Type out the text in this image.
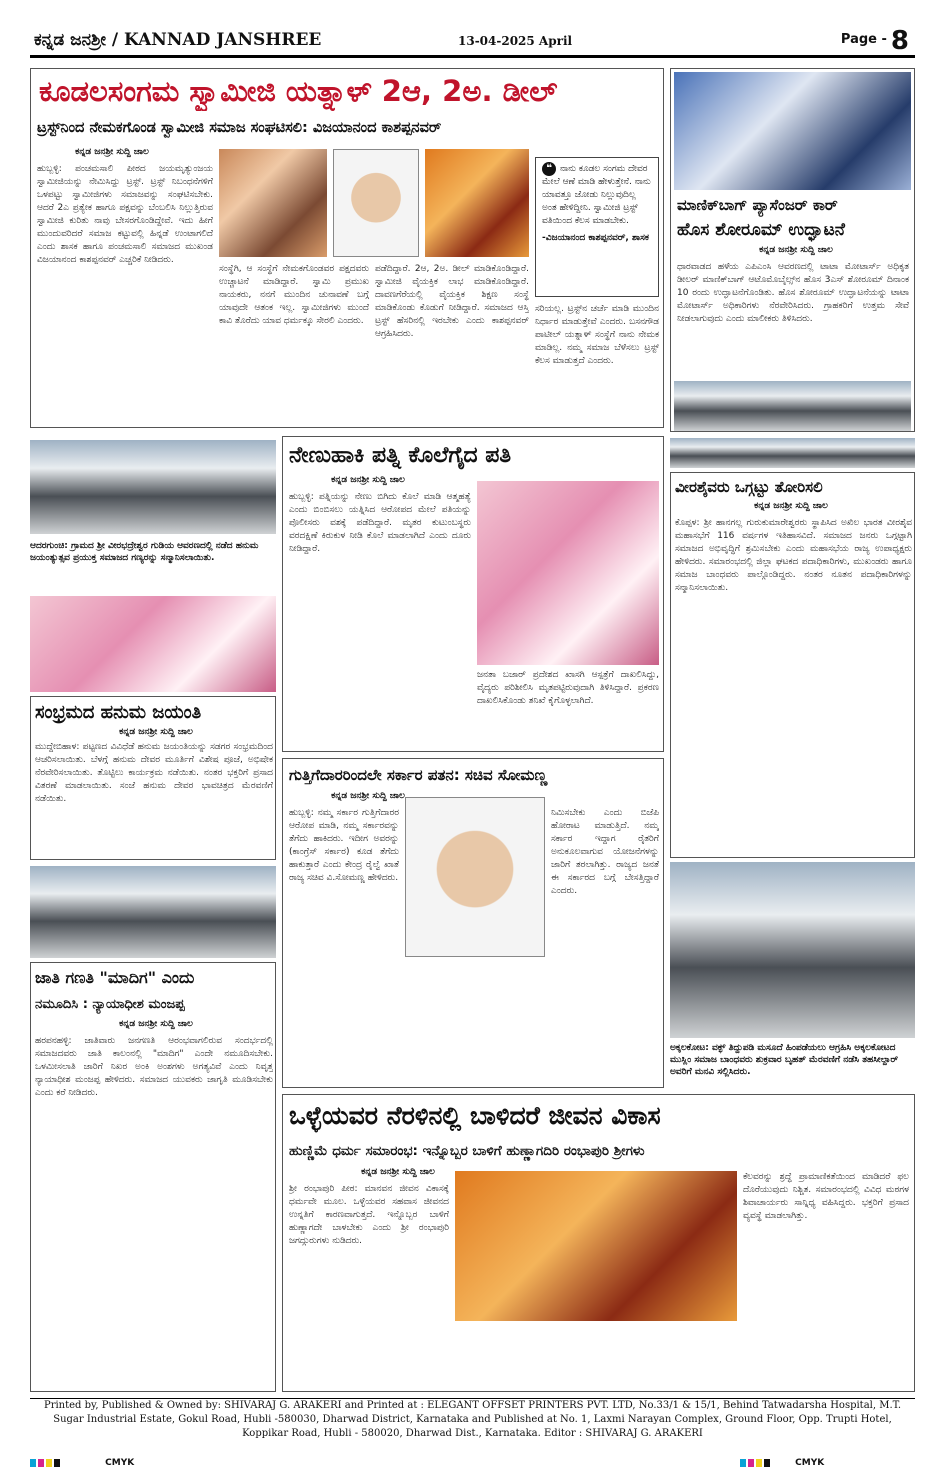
ಕನ್ನಡ ಜನಶ್ರೀ / KANNAD JANSHREE	13-04-2025 April	Page - 8
ಕೂಡಲಸಂಗಮ ಸ್ವಾಮೀಜಿ ಯತ್ನಾಳ್ 2ಆ, 2ಅ. ಡೀಲ್
ಟ್ರಸ್ಟ್‌ನಿಂದ ನೇಮಕಗೊಂಡ ಸ್ವಾಮೀಜಿ ಸಮಾಜ ಸಂಘಟಿಸಲಿ: ವಿಜಯಾನಂದ ಕಾಶಪ್ಪನವರ್
ಕನ್ನಡ ಜನಶ್ರೀ ಸುದ್ದಿ ಜಾಲ
ಹುಬ್ಬಳ್ಳಿ: ಪಂಚಮಸಾಲಿ ಪೀಠದ ಜಯಮೃತ್ಯುಂಜಯ ಸ್ವಾಮೀಜಿಯನ್ನು ನೇಮಿಸಿದ್ದು ಟ್ರಸ್ಟ್. ಟ್ರಸ್ಟ್ ನಿಬಂಧನೆಗಳಿಗೆ ಒಳಪಟ್ಟು ಸ್ವಾಮೀಜಿಗಳು ಸಮಾಜವನ್ನು ಸಂಘಟಿಸಬೇಕು. ಆದರೆ 2ಎ ಪ್ರತ್ಯೇಕ ಹಾಗೂ ಪಕ್ಷವನ್ನು ಬೆಂಬಲಿಸಿ ನಿಲ್ಲುತ್ತಿರುವ ಸ್ವಾಮೀಜಿ ಕುರಿತು ನಾವು ಬೇಸರಗೊಂಡಿದ್ದೇವೆ. ಇದು ಹೀಗೆ ಮುಂದುವರಿದರೆ ಸಮಾಜ ಕಟ್ಟುವಲ್ಲಿ ಹಿನ್ನಡೆ ಉಂಟಾಗಲಿದೆ ಎಂದು ಶಾಸಕ ಹಾಗೂ ಪಂಚಮಸಾಲಿ ಸಮಾಜದ ಮುಖಂಡ ವಿಜಯಾನಂದ ಕಾಶಪ್ಪನವರ್ ಎಚ್ಚರಿಕೆ ನೀಡಿದರು.
❝ ನಾನು ಕೂಡಲ ಸಂಗಮ ದೇವರ ಮೇಲೆ ಆಣೆ ಮಾಡಿ ಹೇಳುತ್ತೇನೆ. ನಾನು ಯಾವತ್ತೂ ಜೋಡು ನಿಲ್ಲುವುದಿಲ್ಲ ಅಂತ ಹೇಳಿದ್ದೀನಿ. ಸ್ವಾಮೀಜಿ ಟ್ರಸ್ಟ್ ವತಿಯಿಂದ ಕೆಲಸ ಮಾಡಬೇಕು.
-ವಿಜಯಾನಂದ ಕಾಶಪ್ಪನವರ್, ಶಾಸಕ
ಸಂಸ್ಥೆಗಿ, ಆ ಸಂಸ್ಥೆಗೆ ನೇಮಕಗೊಂಡವರ ಪಕ್ಷದವರು ಉಚ್ಚಾಟನೆ ಮಾಡಿದ್ದಾರೆ. ಸ್ವಾಮಿ ಪ್ರಮುಖ ನಾಯಕರು, ನನಗೆ ಮುಂದಿನ ಚುನಾವಣೆ ಬಗ್ಗೆ ಯಾವುದೇ ಆತಂಕ ಇಲ್ಲ. ಸ್ವಾಮೀಜಿಗಳು ಮುಂದೆ ಕಾವಿ ತೊರೆದು ಯಾವ ಧರ್ಮಕ್ಕೂ ಸೇರಲಿ ಎಂದರು.
ಪಡೆದಿದ್ದಾರೆ. 2ಆ, 2ಅ. ಡೀಲ್ ಮಾಡಿಕೊಂಡಿದ್ದಾರೆ. ಸ್ವಾಮೀಜಿ ವೈಯಕ್ತಿಕ ಲಾಭ ಮಾಡಿಕೊಂಡಿದ್ದಾರೆ. ದಾವಣಗೆರೆಯಲ್ಲಿ ವೈಯಕ್ತಿಕ ಶಿಕ್ಷಣ ಸಂಸ್ಥೆ ಮಾಡಿಕೊಂಡು ಕೊಡುಗೆ ನೀಡಿದ್ದಾರೆ. ಸಮಾಜದ ಆಸ್ತಿ ಟ್ರಸ್ಟ್ ಹೆಸರಿನಲ್ಲಿ ಇರಬೇಕು ಎಂದು ಕಾಶಪ್ಪನವರ್ ಆಗ್ರಹಿಸಿದರು.
ಸರಿಯಲ್ಲ. ಟ್ರಸ್ಟ್‌ನ ಚರ್ಚೆ ಮಾಡಿ ಮುಂದಿನ ನಿರ್ಧಾರ ಮಾಡುತ್ತೇವೆ ಎಂದರು. ಬಸನಗೌಡ ಪಾಟೀಲ್ ಯತ್ನಾಳ್ ಸಂಸ್ಥೆಗೆ ನಾನು ನೇಮಕ ಮಾಡಿಲ್ಲ. ನಮ್ಮ ಸಮಾಜ ಬೆಳೆಸಲು ಟ್ರಸ್ಟ್ ಕೆಲಸ ಮಾಡುತ್ತದೆ ಎಂದರು.
ಮಾಣಿಕ್‌ಬಾಗ್ ಪ್ಯಾಸೆಂಜರ್ ಕಾರ್
ಹೊಸ ಶೋರೂಮ್ ಉದ್ಘಾಟನೆ
ಕನ್ನಡ ಜನಶ್ರೀ ಸುದ್ದಿ ಜಾಲ
ಧಾರವಾಡದ ಹಳೆಯ ಎಪಿಎಂಸಿ ಆವರಣದಲ್ಲಿ ಟಾಟಾ ಮೋಟಾರ್ಸ್ ಅಧಿಕೃತ ಡೀಲರ್ ಮಾಣಿಕ್‌ಬಾಗ್ ಆಟೊಮೊಬೈಲ್ಸ್‌ನ ಹೊಸ 3ಎಸ್ ಶೋರೂಮ್ ದಿನಾಂಕ 10 ರಂದು ಉದ್ಘಾಟನೆಗೊಂಡಿತು. ಹೊಸ ಶೋರೂಮ್ ಉದ್ಘಾಟನೆಯನ್ನು ಟಾಟಾ ಮೋಟಾರ್ಸ್ ಅಧಿಕಾರಿಗಳು ನೆರವೇರಿಸಿದರು. ಗ್ರಾಹಕರಿಗೆ ಉತ್ತಮ ಸೇವೆ ನೀಡಲಾಗುವುದು ಎಂದು ಮಾಲೀಕರು ತಿಳಿಸಿದರು.
ಆದರಗುಂಚಿ: ಗ್ರಾಮದ ಶ್ರೀ ವೀರಭದ್ರೇಶ್ವರ ಗುಡಿಯ ಆವರಣದಲ್ಲಿ ನಡೆದ ಹನುಮ ಜಯಂತ್ಯುತ್ಸವ ಪ್ರಯುಕ್ತ ಸಮಾಜದ ಗಣ್ಯರನ್ನು ಸನ್ಮಾನಿಸಲಾಯಿತು.
ಸಂಭ್ರಮದ ಹನುಮ ಜಯಂತಿ
ಕನ್ನಡ ಜನಶ್ರೀ ಸುದ್ದಿ ಜಾಲ
ಮುದ್ದೇಬಿಹಾಳ: ಪಟ್ಟಣದ ವಿವಿಧೆಡೆ ಹನುಮ ಜಯಂತಿಯನ್ನು ಸಡಗರ ಸಂಭ್ರಮದಿಂದ ಆಚರಿಸಲಾಯಿತು. ಬೆಳಗ್ಗೆ ಹನುಮ ದೇವರ ಮೂರ್ತಿಗೆ ವಿಶೇಷ ಪೂಜೆ, ಅಭಿಷೇಕ ನೆರವೇರಿಸಲಾಯಿತು. ತೊಟ್ಟಿಲು ಕಾರ್ಯಕ್ರಮ ನಡೆಯಿತು. ನಂತರ ಭಕ್ತರಿಗೆ ಪ್ರಸಾದ ವಿತರಣೆ ಮಾಡಲಾಯಿತು. ಸಂಜೆ ಹನುಮ ದೇವರ ಭಾವಚಿತ್ರದ ಮೆರವಣಿಗೆ ನಡೆಯಿತು.
ಜಾತಿ ಗಣತಿ "ಮಾದಿಗ" ಎಂದು
ನಮೂದಿಸಿ : ನ್ಯಾಯಾಧೀಶ ಮಂಜಪ್ಪ
ಕನ್ನಡ ಜನಶ್ರೀ ಸುದ್ದಿ ಜಾಲ
ಹರಪನಹಳ್ಳಿ: ಜಾತಿವಾರು ಜನಗಣತಿ ಆರಂಭವಾಗಲಿರುವ ಸಂದರ್ಭದಲ್ಲಿ ಸಮಾಜದವರು ಜಾತಿ ಕಾಲಂನಲ್ಲಿ "ಮಾದಿಗ" ಎಂದೇ ನಮೂದಿಸಬೇಕು. ಒಳಮೀಸಲಾತಿ ಜಾರಿಗೆ ನಿಖರ ಅಂಕಿ ಅಂಶಗಳು ಅಗತ್ಯವಿವೆ ಎಂದು ನಿವೃತ್ತ ನ್ಯಾಯಾಧೀಶ ಮಂಜಪ್ಪ ಹೇಳಿದರು. ಸಮಾಜದ ಯುವಕರು ಜಾಗೃತಿ ಮೂಡಿಸಬೇಕು ಎಂದು ಕರೆ ನೀಡಿದರು.
ನೇಣುಹಾಕಿ ಪತ್ನಿ ಕೊಲೆಗೈದ ಪತಿ
ಕನ್ನಡ ಜನಶ್ರೀ ಸುದ್ದಿ ಜಾಲ
ಹುಬ್ಬಳ್ಳಿ: ಪತ್ನಿಯನ್ನು ನೇಣು ಬಿಗಿದು ಕೊಲೆ ಮಾಡಿ ಆತ್ಮಹತ್ಯೆ ಎಂದು ಬಿಂಬಿಸಲು ಯತ್ನಿಸಿದ ಆರೋಪದ ಮೇಲೆ ಪತಿಯನ್ನು ಪೊಲೀಸರು ವಶಕ್ಕೆ ಪಡೆದಿದ್ದಾರೆ. ಮೃತರ ಕುಟುಂಬಸ್ಥರು ವರದಕ್ಷಿಣೆ ಕಿರುಕುಳ ನೀಡಿ ಕೊಲೆ ಮಾಡಲಾಗಿದೆ ಎಂದು ದೂರು ನೀಡಿದ್ದಾರೆ.
ಜನತಾ ಬಜಾರ್ ಪ್ರದೇಶದ ಖಾಸಗಿ ಆಸ್ಪತ್ರೆಗೆ ದಾಖಲಿಸಿದ್ದು, ವೈದ್ಯರು ಪರಿಶೀಲಿಸಿ ಮೃತಪಟ್ಟಿರುವುದಾಗಿ ತಿಳಿಸಿದ್ದಾರೆ. ಪ್ರಕರಣ ದಾಖಲಿಸಿಕೊಂಡು ತನಿಖೆ ಕೈಗೊಳ್ಳಲಾಗಿದೆ.
ಗುತ್ತಿಗೆದಾರರಿಂದಲೇ ಸರ್ಕಾರ ಪತನ: ಸಚಿವ ಸೋಮಣ್ಣ
ಕನ್ನಡ ಜನಶ್ರೀ ಸುದ್ದಿ ಜಾಲ
ಹುಬ್ಬಳ್ಳಿ: ನಮ್ಮ ಸರ್ಕಾರ ಗುತ್ತಿಗೆದಾರರ ಆರೋಪ ಮಾಡಿ, ನಮ್ಮ ಸರ್ಕಾರವನ್ನು ತೆಗೆದು ಹಾಕಿದರು. ಇದೀಗ ಅವರನ್ನು (ಕಾಂಗ್ರೆಸ್ ಸರ್ಕಾರ) ಕೂಡ ತೆಗೆದು ಹಾಕುತ್ತಾರೆ ಎಂದು ಕೇಂದ್ರ ರೈಲ್ವೆ ಖಾತೆ ರಾಜ್ಯ ಸಚಿವ ವಿ.ಸೋಮಣ್ಣ ಹೇಳಿದರು.
ನಿಮಿಸಬೇಕು ಎಂದು ಬಿಜೆಪಿ ಹೋರಾಟ ಮಾಡುತ್ತಿದೆ. ನಮ್ಮ ಸರ್ಕಾರ ಇದ್ದಾಗ ರೈತರಿಗೆ ಅನುಕೂಲವಾಗುವ ಯೋಜನೆಗಳನ್ನು ಜಾರಿಗೆ ತರಲಾಗಿತ್ತು. ರಾಜ್ಯದ ಜನತೆ ಈ ಸರ್ಕಾರದ ಬಗ್ಗೆ ಬೇಸತ್ತಿದ್ದಾರೆ ಎಂದರು.
ವೀರಶೈವರು ಒಗ್ಗಟ್ಟು ತೋರಿಸಲಿ
ಕನ್ನಡ ಜನಶ್ರೀ ಸುದ್ದಿ ಜಾಲ
ಕೊಪ್ಪಳ: ಶ್ರೀ ಹಾನಗಲ್ಲ ಗುರುಕುಮಾರೇಶ್ವರರು ಸ್ಥಾಪಿಸಿದ ಅಖಿಲ ಭಾರತ ವೀರಶೈವ ಮಹಾಸಭೆಗೆ 116 ವರ್ಷಗಳ ಇತಿಹಾಸವಿದೆ. ಸಮಾಜದ ಜನರು ಒಗ್ಗಟ್ಟಾಗಿ ಸಮಾಜದ ಅಭಿವೃದ್ಧಿಗೆ ಶ್ರಮಿಸಬೇಕು ಎಂದು ಮಹಾಸಭೆಯ ರಾಜ್ಯ ಉಪಾಧ್ಯಕ್ಷರು ಹೇಳಿದರು. ಸಮಾರಂಭದಲ್ಲಿ ಜಿಲ್ಲಾ ಘಟಕದ ಪದಾಧಿಕಾರಿಗಳು, ಮುಖಂಡರು ಹಾಗೂ ಸಮಾಜ ಬಾಂಧವರು ಪಾಲ್ಗೊಂಡಿದ್ದರು. ನಂತರ ನೂತನ ಪದಾಧಿಕಾರಿಗಳನ್ನು ಸನ್ಮಾನಿಸಲಾಯಿತು.
ಅಕ್ಕಲಕೋಟ: ವಕ್ಫ್ ತಿದ್ದುಪಡಿ ಮಸೂದೆ ಹಿಂಪಡೆಯಲು ಆಗ್ರಹಿಸಿ ಅಕ್ಕಲಕೋಟದ ಮುಸ್ಲಿಂ ಸಮಾಜ ಬಾಂಧವರು ಶುಕ್ರವಾರ ಬೃಹತ್ ಮೆರವಣಿಗೆ ನಡೆಸಿ ತಹಸೀಲ್ದಾರ್ ಅವರಿಗೆ ಮನವಿ ಸಲ್ಲಿಸಿದರು.
ಒಳ್ಳೆಯವರ ನೆರಳಿನಲ್ಲಿ ಬಾಳಿದರೆ ಜೀವನ ವಿಕಾಸ
ಹುಣ್ಣಿಮೆ ಧರ್ಮ ಸಮಾರಂಭ: ಇನ್ನೊಬ್ಬರ ಬಾಳಿಗೆ ಹುಣ್ಣಾಗದಿರಿ ರಂಭಾಪುರಿ ಶ್ರೀಗಳು
ಕನ್ನಡ ಜನಶ್ರೀ ಸುದ್ದಿ ಜಾಲ
ಶ್ರೀ ರಂಭಾಪುರಿ ಪೀಠ: ಮಾನವನ ಜೀವನ ವಿಕಾಸಕ್ಕೆ ಧರ್ಮವೇ ಮೂಲ. ಒಳ್ಳೆಯವರ ಸಹವಾಸ ಜೀವನದ ಉನ್ನತಿಗೆ ಕಾರಣವಾಗುತ್ತದೆ. ಇನ್ನೊಬ್ಬರ ಬಾಳಿಗೆ ಹುಣ್ಣಾಗದೇ ಬಾಳಬೇಕು ಎಂದು ಶ್ರೀ ರಂಭಾಪುರಿ ಜಗದ್ಗುರುಗಳು ನುಡಿದರು.
ಕೆಲವರನ್ನು ಶ್ರದ್ಧೆ ಪ್ರಾಮಾಣಿಕತೆಯಿಂದ ಮಾಡಿದರೆ ಫಲ ದೊರೆಯುವುದು ನಿಶ್ಚಿತ. ಸಮಾರಂಭದಲ್ಲಿ ವಿವಿಧ ಮಠಗಳ ಶಿವಾಚಾರ್ಯರು ಸಾನ್ನಿಧ್ಯ ವಹಿಸಿದ್ದರು. ಭಕ್ತರಿಗೆ ಪ್ರಸಾದ ವ್ಯವಸ್ಥೆ ಮಾಡಲಾಗಿತ್ತು.
Printed by, Published & Owned by: SHIVARAJ G. ARAKERI and Printed at : ELEGANT OFFSET PRINTERS PVT. LTD, No.33/1 & 15/1, Behind Tatwadarsha Hospital, M.T. Sugar Industrial Estate, Gokul Road, Hubli -580030, Dharwad District, Karnataka and Published at No. 1, Laxmi Narayan Complex, Ground Floor, Opp. Trupti Hotel, Koppikar Road, Hubli - 580020, Dharwad Dist., Karnataka. Editor : SHIVARAJ G. ARAKERI
CMYK	CMYK
